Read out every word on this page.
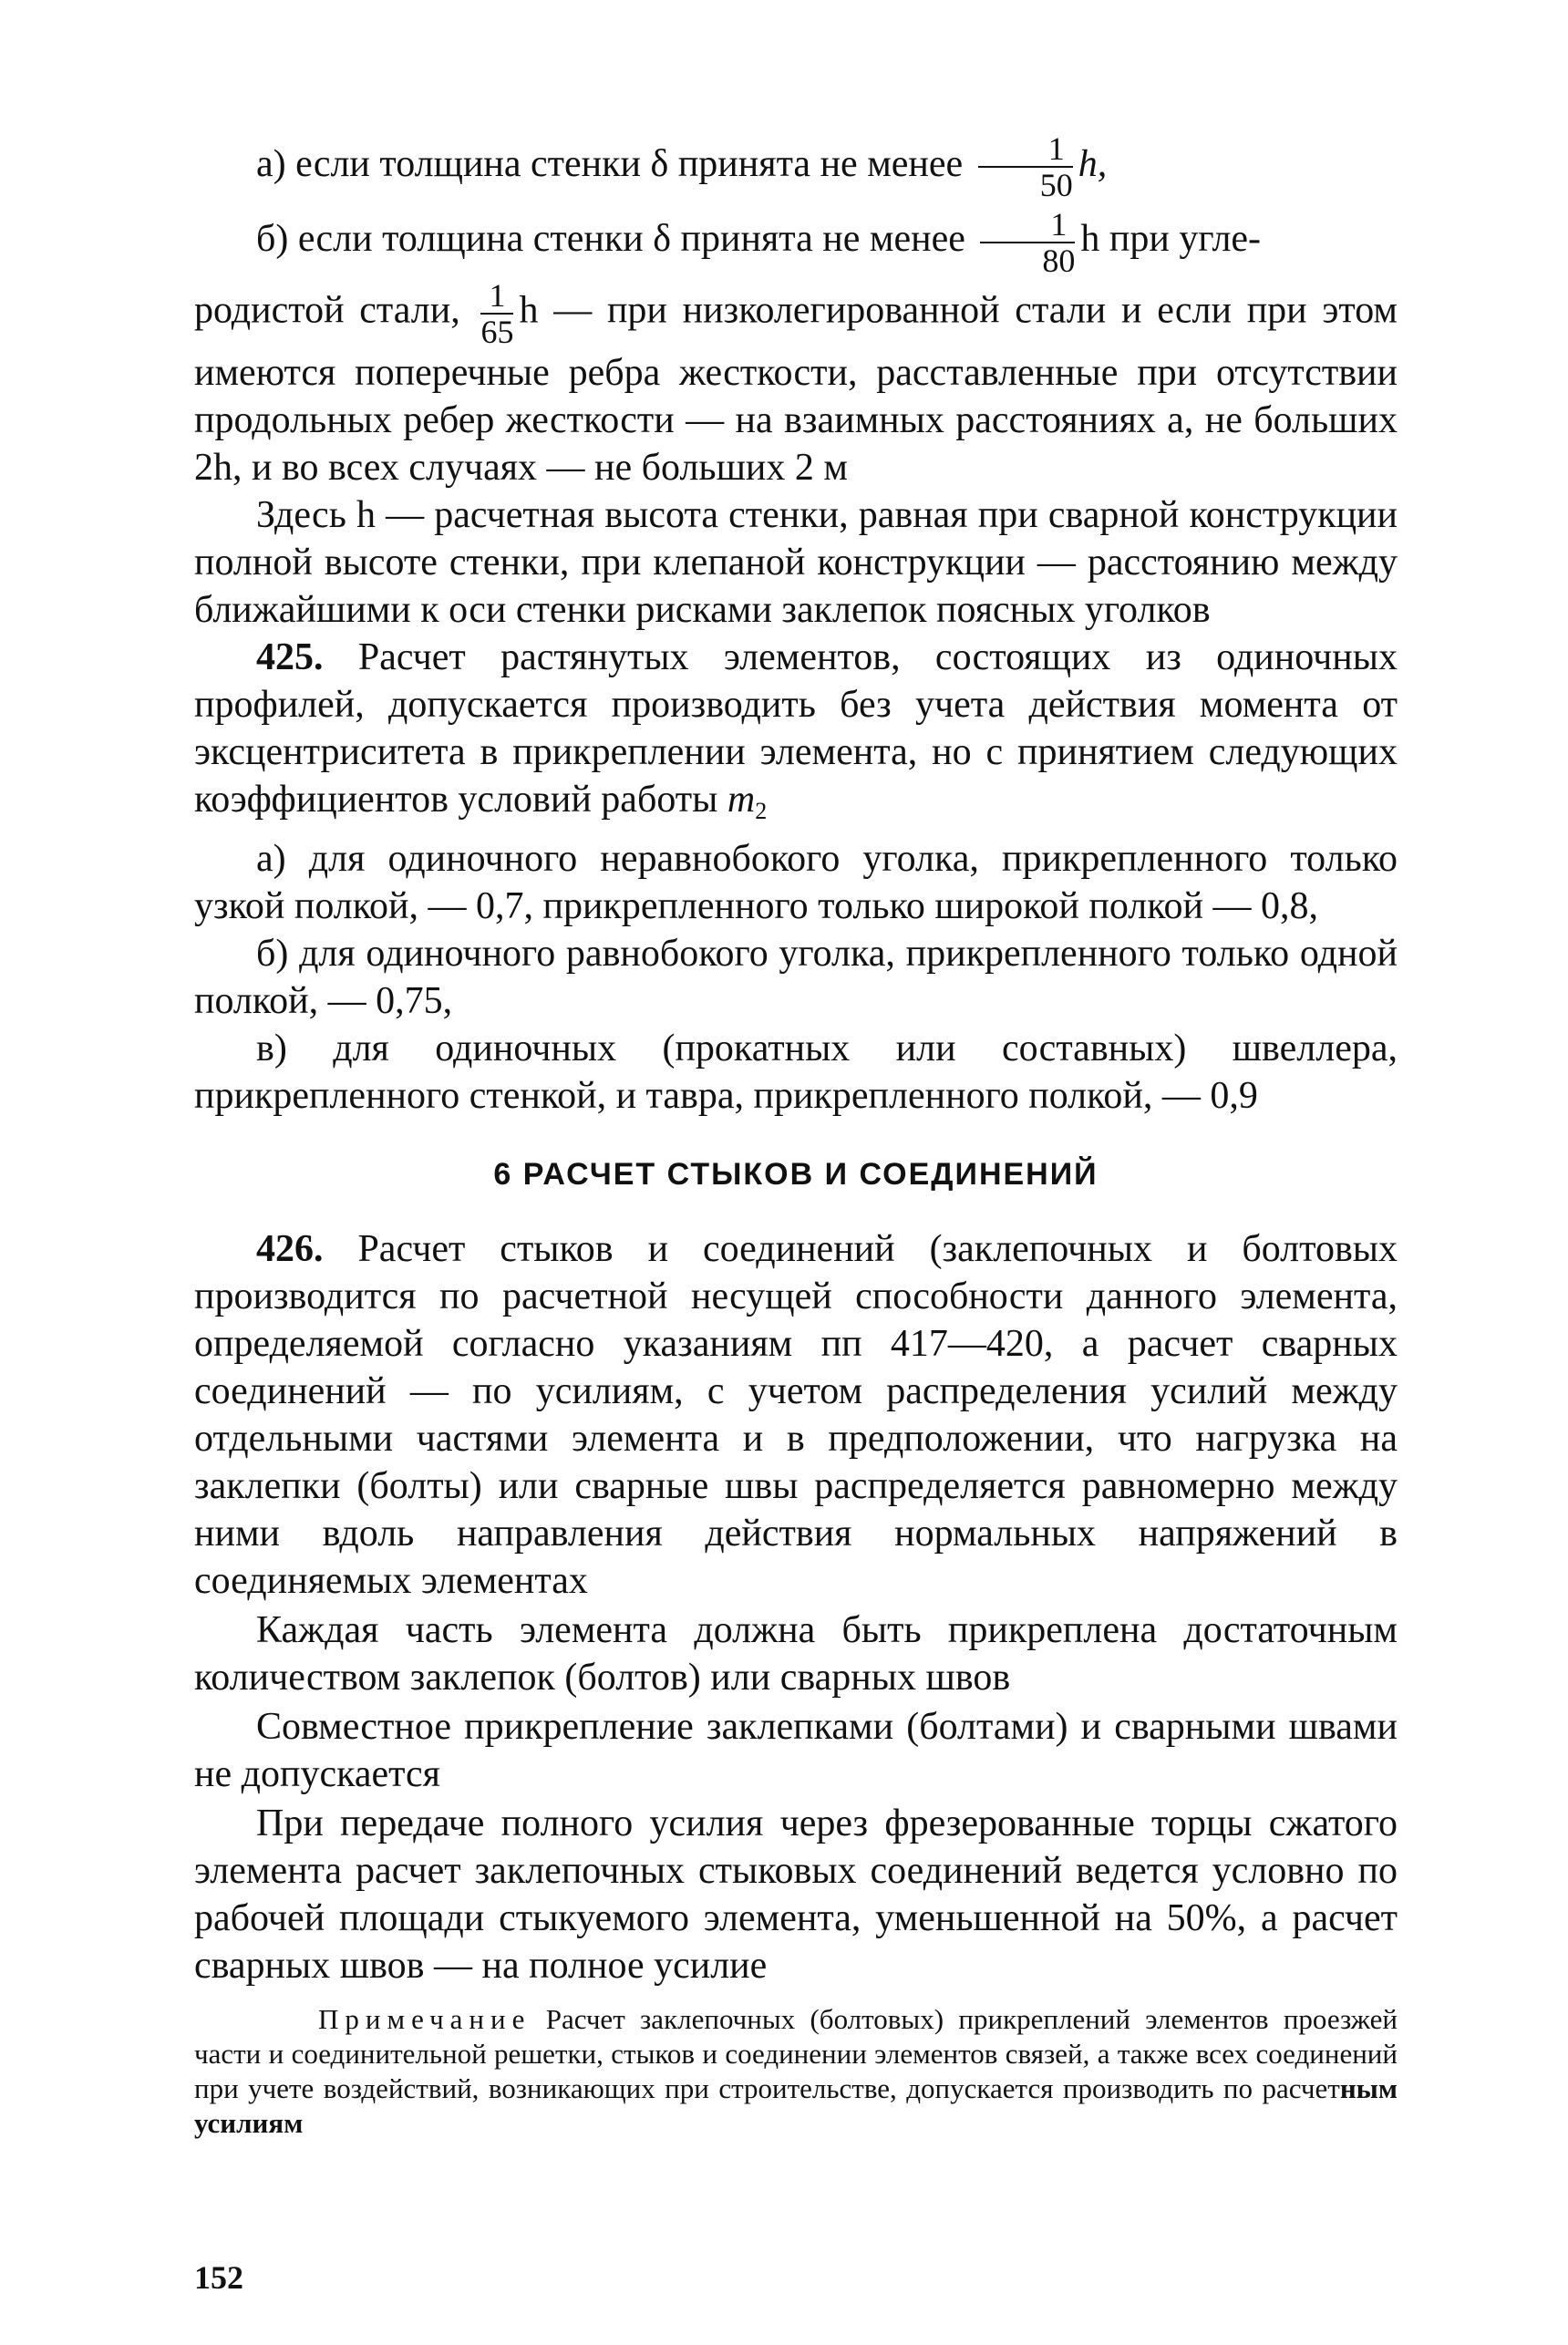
а) если толщина стенки δ принята не менее $\frac{1}{50} h$,

б) если толщина стенки δ принята не менее $\frac{1}{80}$ h при угле-

родистой стали, $\frac{1}{65}$ h — при низколегированной стали и если при этом имеются поперечные ребра жесткости, расставленные при отсутствии продольных ребер жесткости — на взаимных расстояниях a, не больших 2h, и во всех случаях — не больших 2 м

Здесь h — расчетная высота стенки, равная при сварной конструкции полной высоте стенки, при клепаной конструкции — расстоянию между ближайшими к оси стенки рисками заклепок поясных уголков

425. Расчет растянутых элементов, состоящих из одиночных профилей, допускается производить без учета действия момента от эксцентриситета в прикреплении элемента, но с принятием следующих коэффициентов условий работы $m_2$

а) для одиночного неравнобокого уголка, прикрепленного только узкой полкой, — 0,7, прикрепленного только широкой полкой — 0,8,

б) для одиночного равнобокого уголка, прикрепленного только одной полкой, — 0,75,

в) для одиночных (прокатных или составных) швеллера, прикрепленного стенкой, и тавра, прикрепленного полкой, — 0,9

6 РАСЧЕТ СТЫКОВ И СОЕДИНЕНИЙ

426. Расчет стыков и соединений (заклепочных и болтовых производится по расчетной несущей способности данного элемента, определяемой согласно указаниям пп 417—420, а расчет сварных соединений — по усилиям, с учетом распределения усилий между отдельными частями элемента и в предположении, что нагрузка на заклепки (болты) или сварные швы распределяется равномерно между ними вдоль направления действия нормальных напряжений в соединяемых элементах

Каждая часть элемента должна быть прикреплена достаточным количеством заклепок (болтов) или сварных швов

Совместное прикрепление заклепками (болтами) и сварными швами не допускается

При передаче полного усилия через фрезерованные торцы сжатого элемента расчет заклепочных стыковых соединений ведется условно по рабочей площади стыкуемого элемента, уменьшенной на 50%, а расчет сварных швов — на полное усилие

Примечание Расчет заклепочных (болтовых) прикреплений элементов проезжей части и соединительной решетки, стыков и соединении элементов связей, а также всех соединений при учете воздействий, возникающих при строительстве, допускается производить по расчетным усилиям

152
